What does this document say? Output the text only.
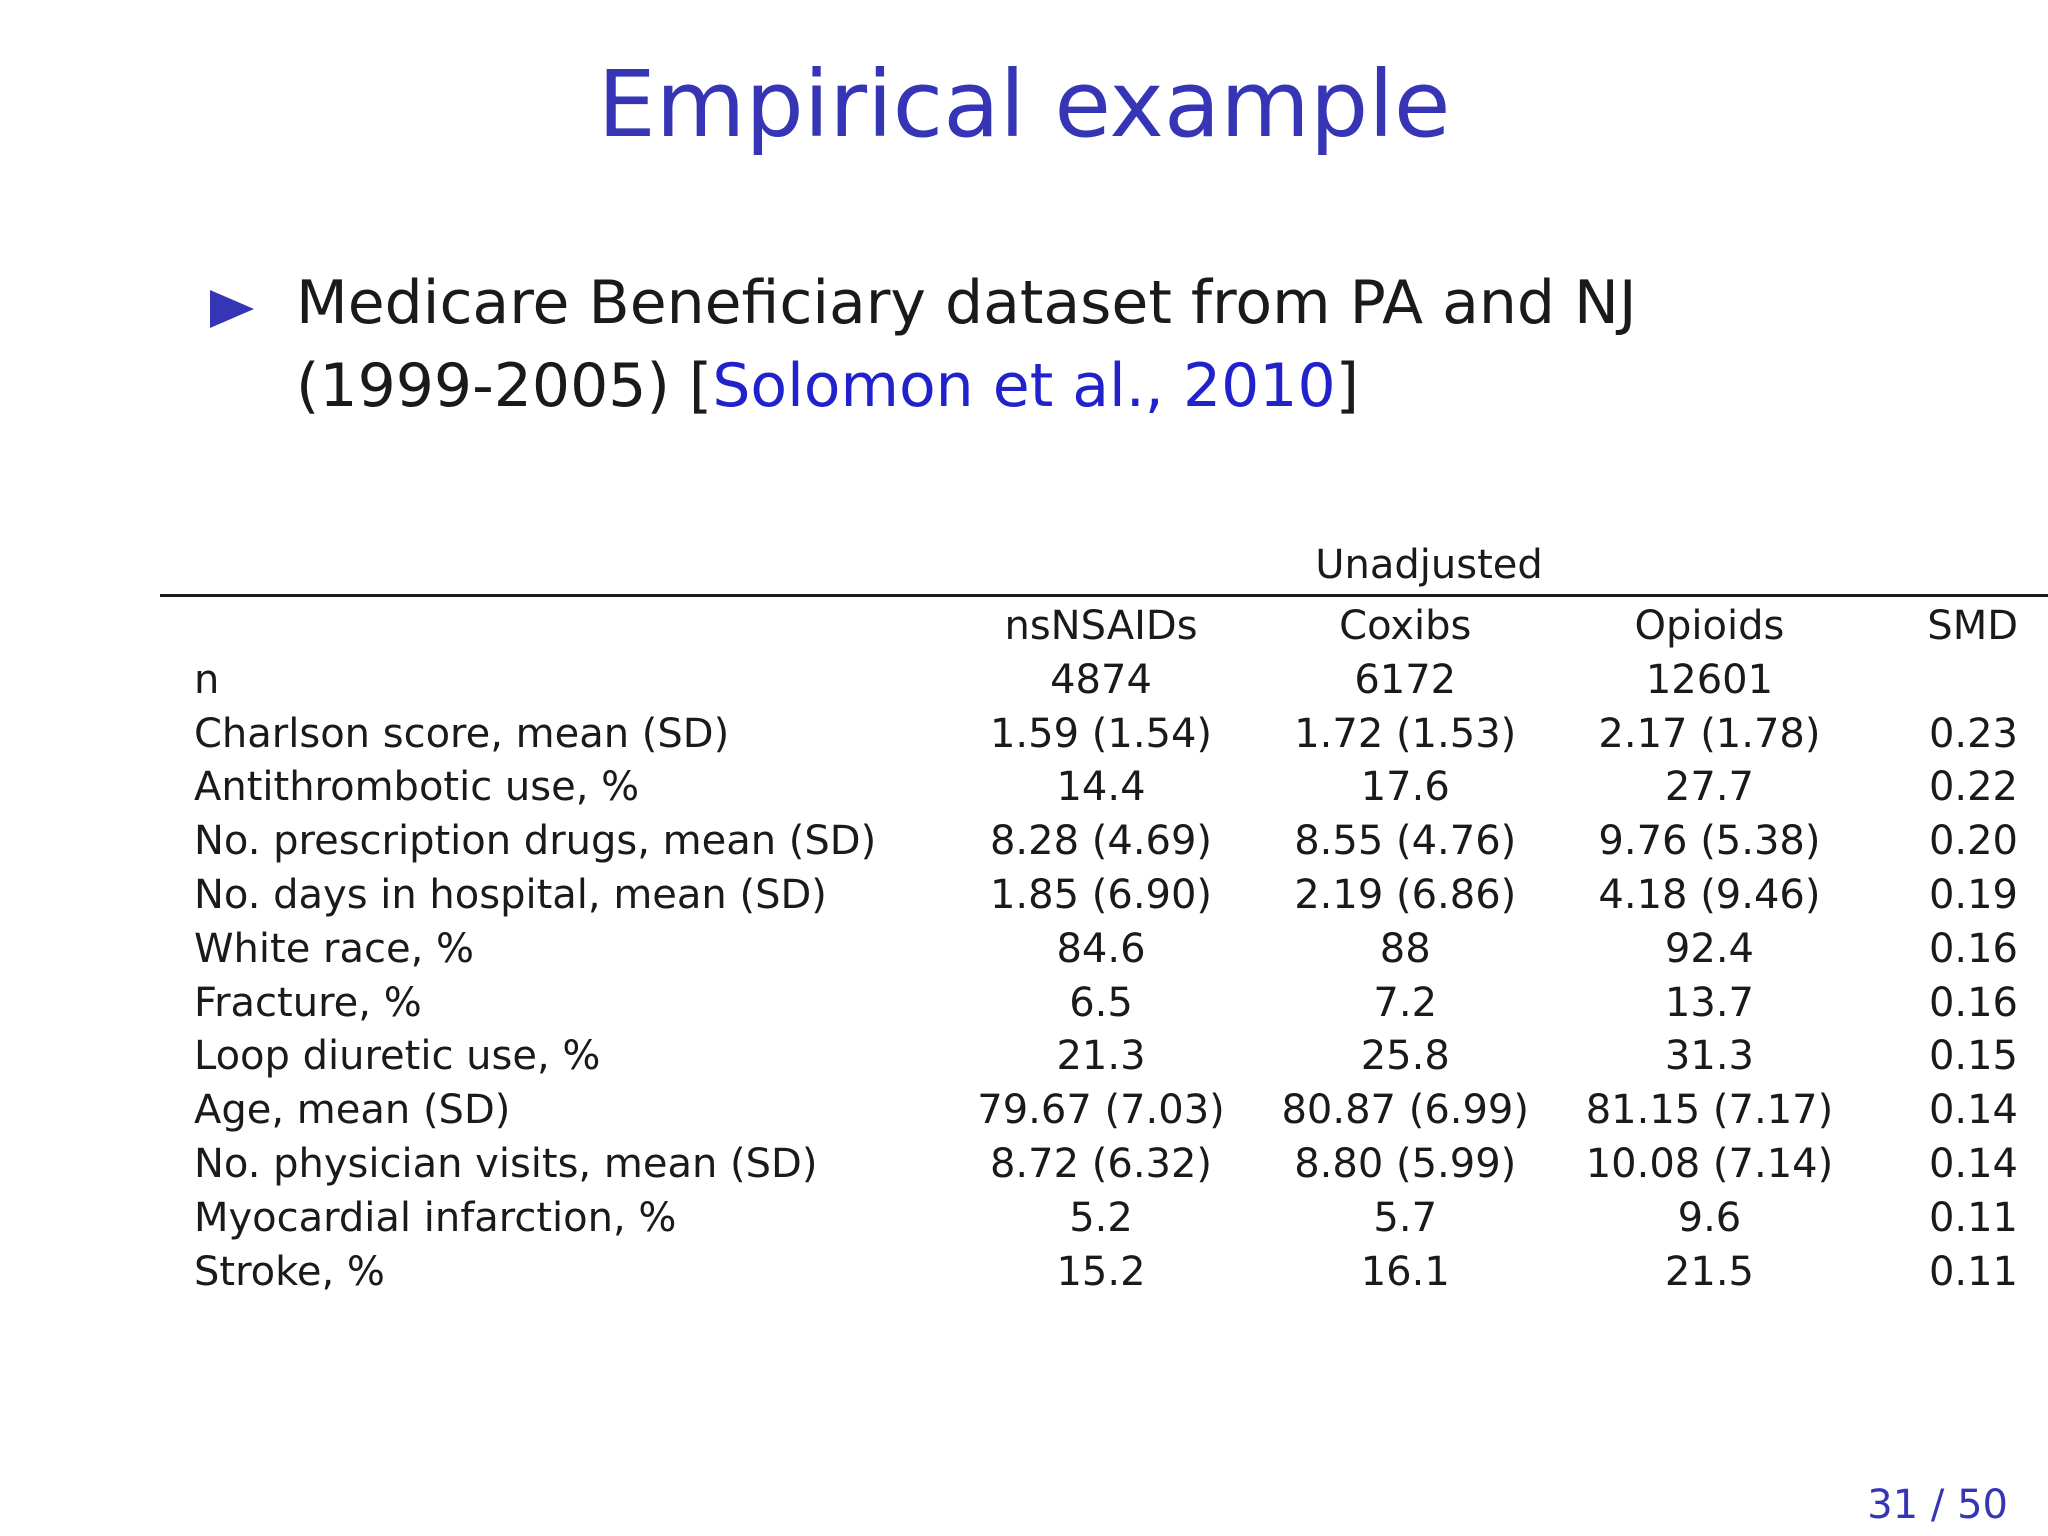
Empirical example
Medicare Beneficiary dataset from PA and NJ
(1999-2005) [Solomon et al., 2010]
Unadjusted
	nsNSAIDs	Coxibs	Opioids	SMD
n	4874	6172	12601	
Charlson score, mean (SD)	1.59 (1.54)	1.72 (1.53)	2.17 (1.78)	0.23
Antithrombotic use, %	14.4	17.6	27.7	0.22
No. prescription drugs, mean (SD)	8.28 (4.69)	8.55 (4.76)	9.76 (5.38)	0.20
No. days in hospital, mean (SD)	1.85 (6.90)	2.19 (6.86)	4.18 (9.46)	0.19
White race, %	84.6	88	92.4	0.16
Fracture, %	6.5	7.2	13.7	0.16
Loop diuretic use, %	21.3	25.8	31.3	0.15
Age, mean (SD)	79.67 (7.03)	80.87 (6.99)	81.15 (7.17)	0.14
No. physician visits, mean (SD)	8.72 (6.32)	8.80 (5.99)	10.08 (7.14)	0.14
Myocardial infarction, %	5.2	5.7	9.6	0.11
Stroke, %	15.2	16.1	21.5	0.11
31 / 50
